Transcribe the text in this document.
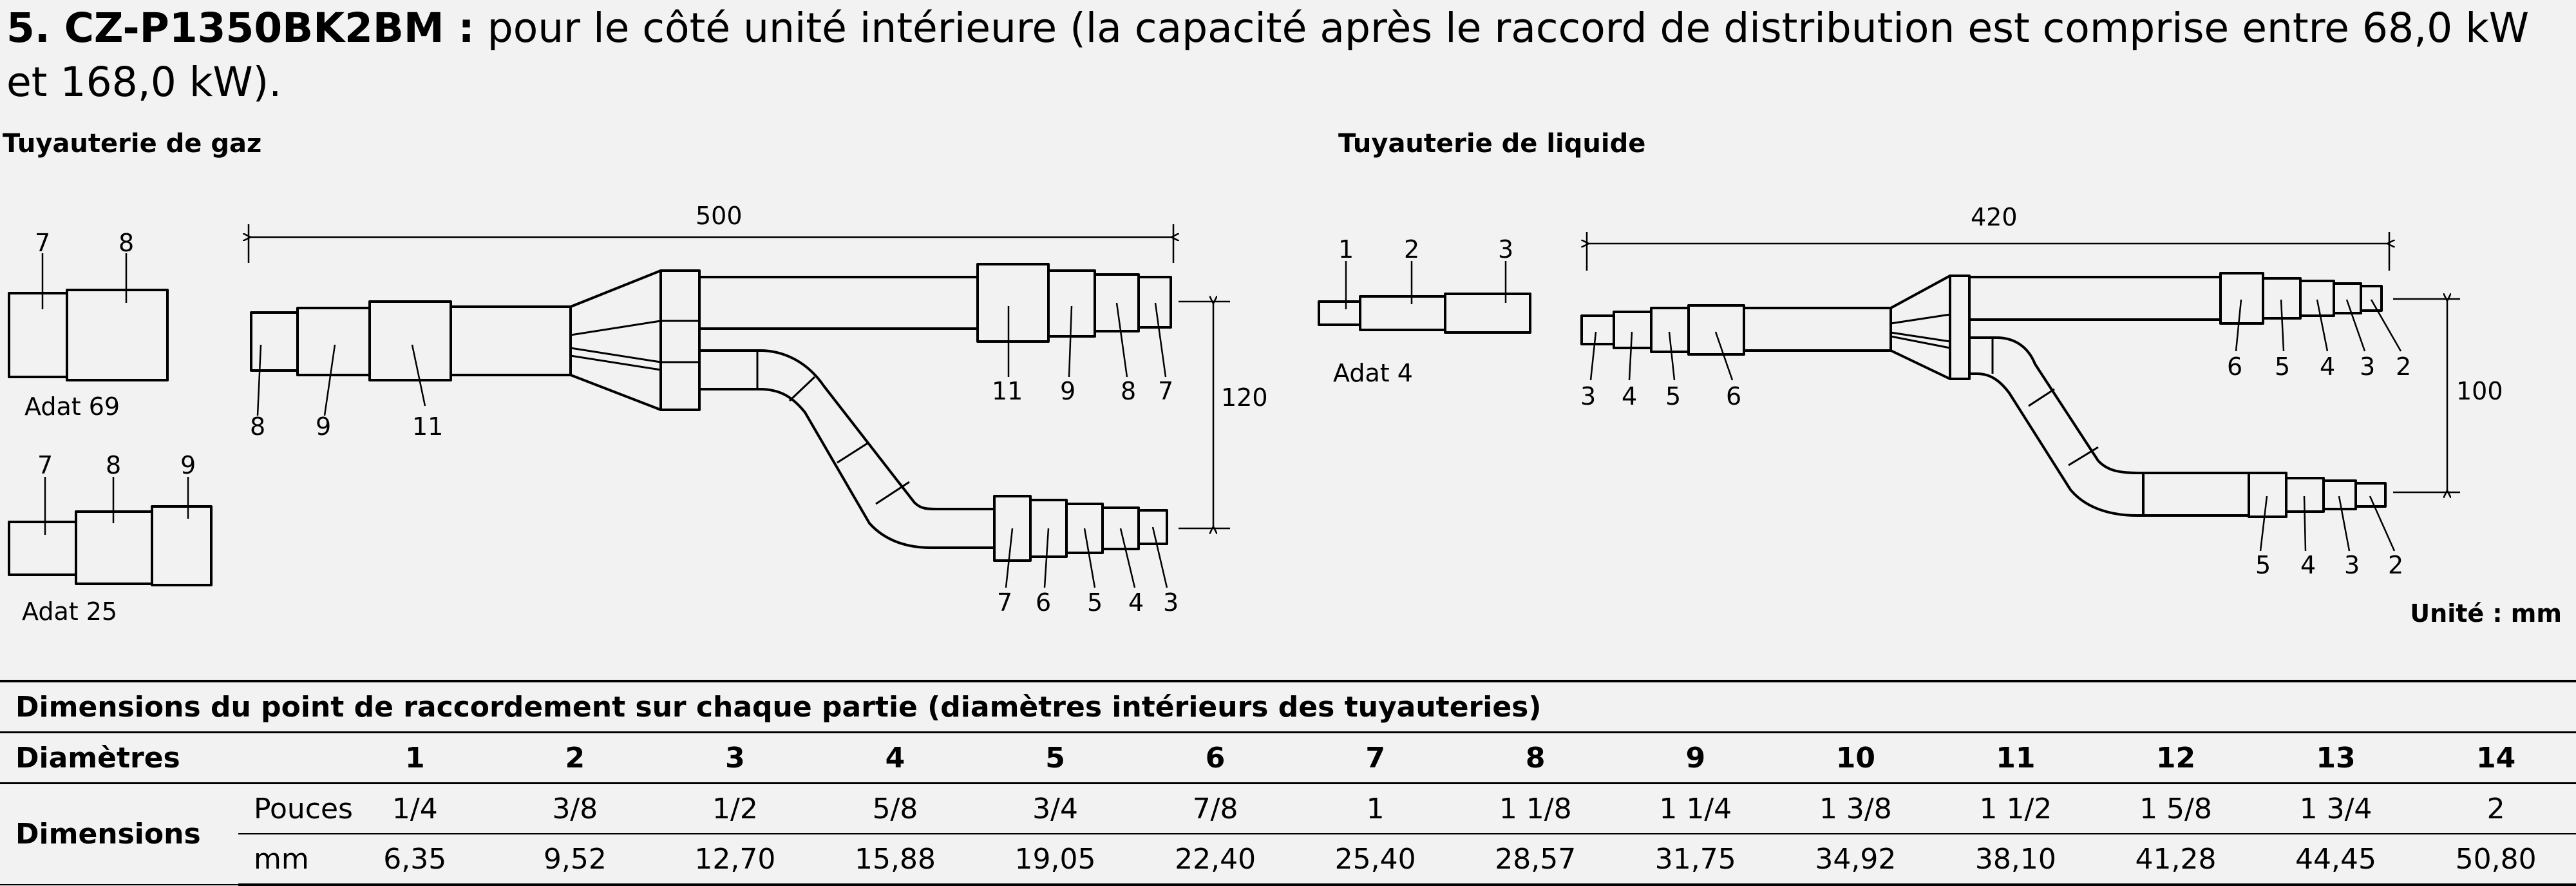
5. CZ-P1350BK2BM : pour le côté unité intérieure (la capacité après le raccord de distribution est comprise entre 68,0 kW et 168,0 kW).
Tuyauterie de gaz	Tuyauterie de liquide
7	8
Adat 69
7 8 9
Adat 25
500
120
8 9	11
11 9 8 7
7 6 5 4 3
1 2	3
Adat 4
420
100
3 4 5 6
6 5 4 3 2
5 4 3 2
Unité : mm
Dimensions du point de raccordement sur chaque partie (diamètres intérieurs des tuyauteries)															
Diamètres		1	2	3	4	5	6	7	8	9	10	11	12	13	14
Dimensions	Pouces	1/4	3/8	1/2	5/8	3/4	7/8	1	1 1/8	1 1/4	1 3/8	1 1/2	1 5/8	1 3/4	2
	mm	6,35	9,52	12,70	15,88	19,05	22,40	25,40	28,57	31,75	34,92	38,10	41,28	44,45	50,80
